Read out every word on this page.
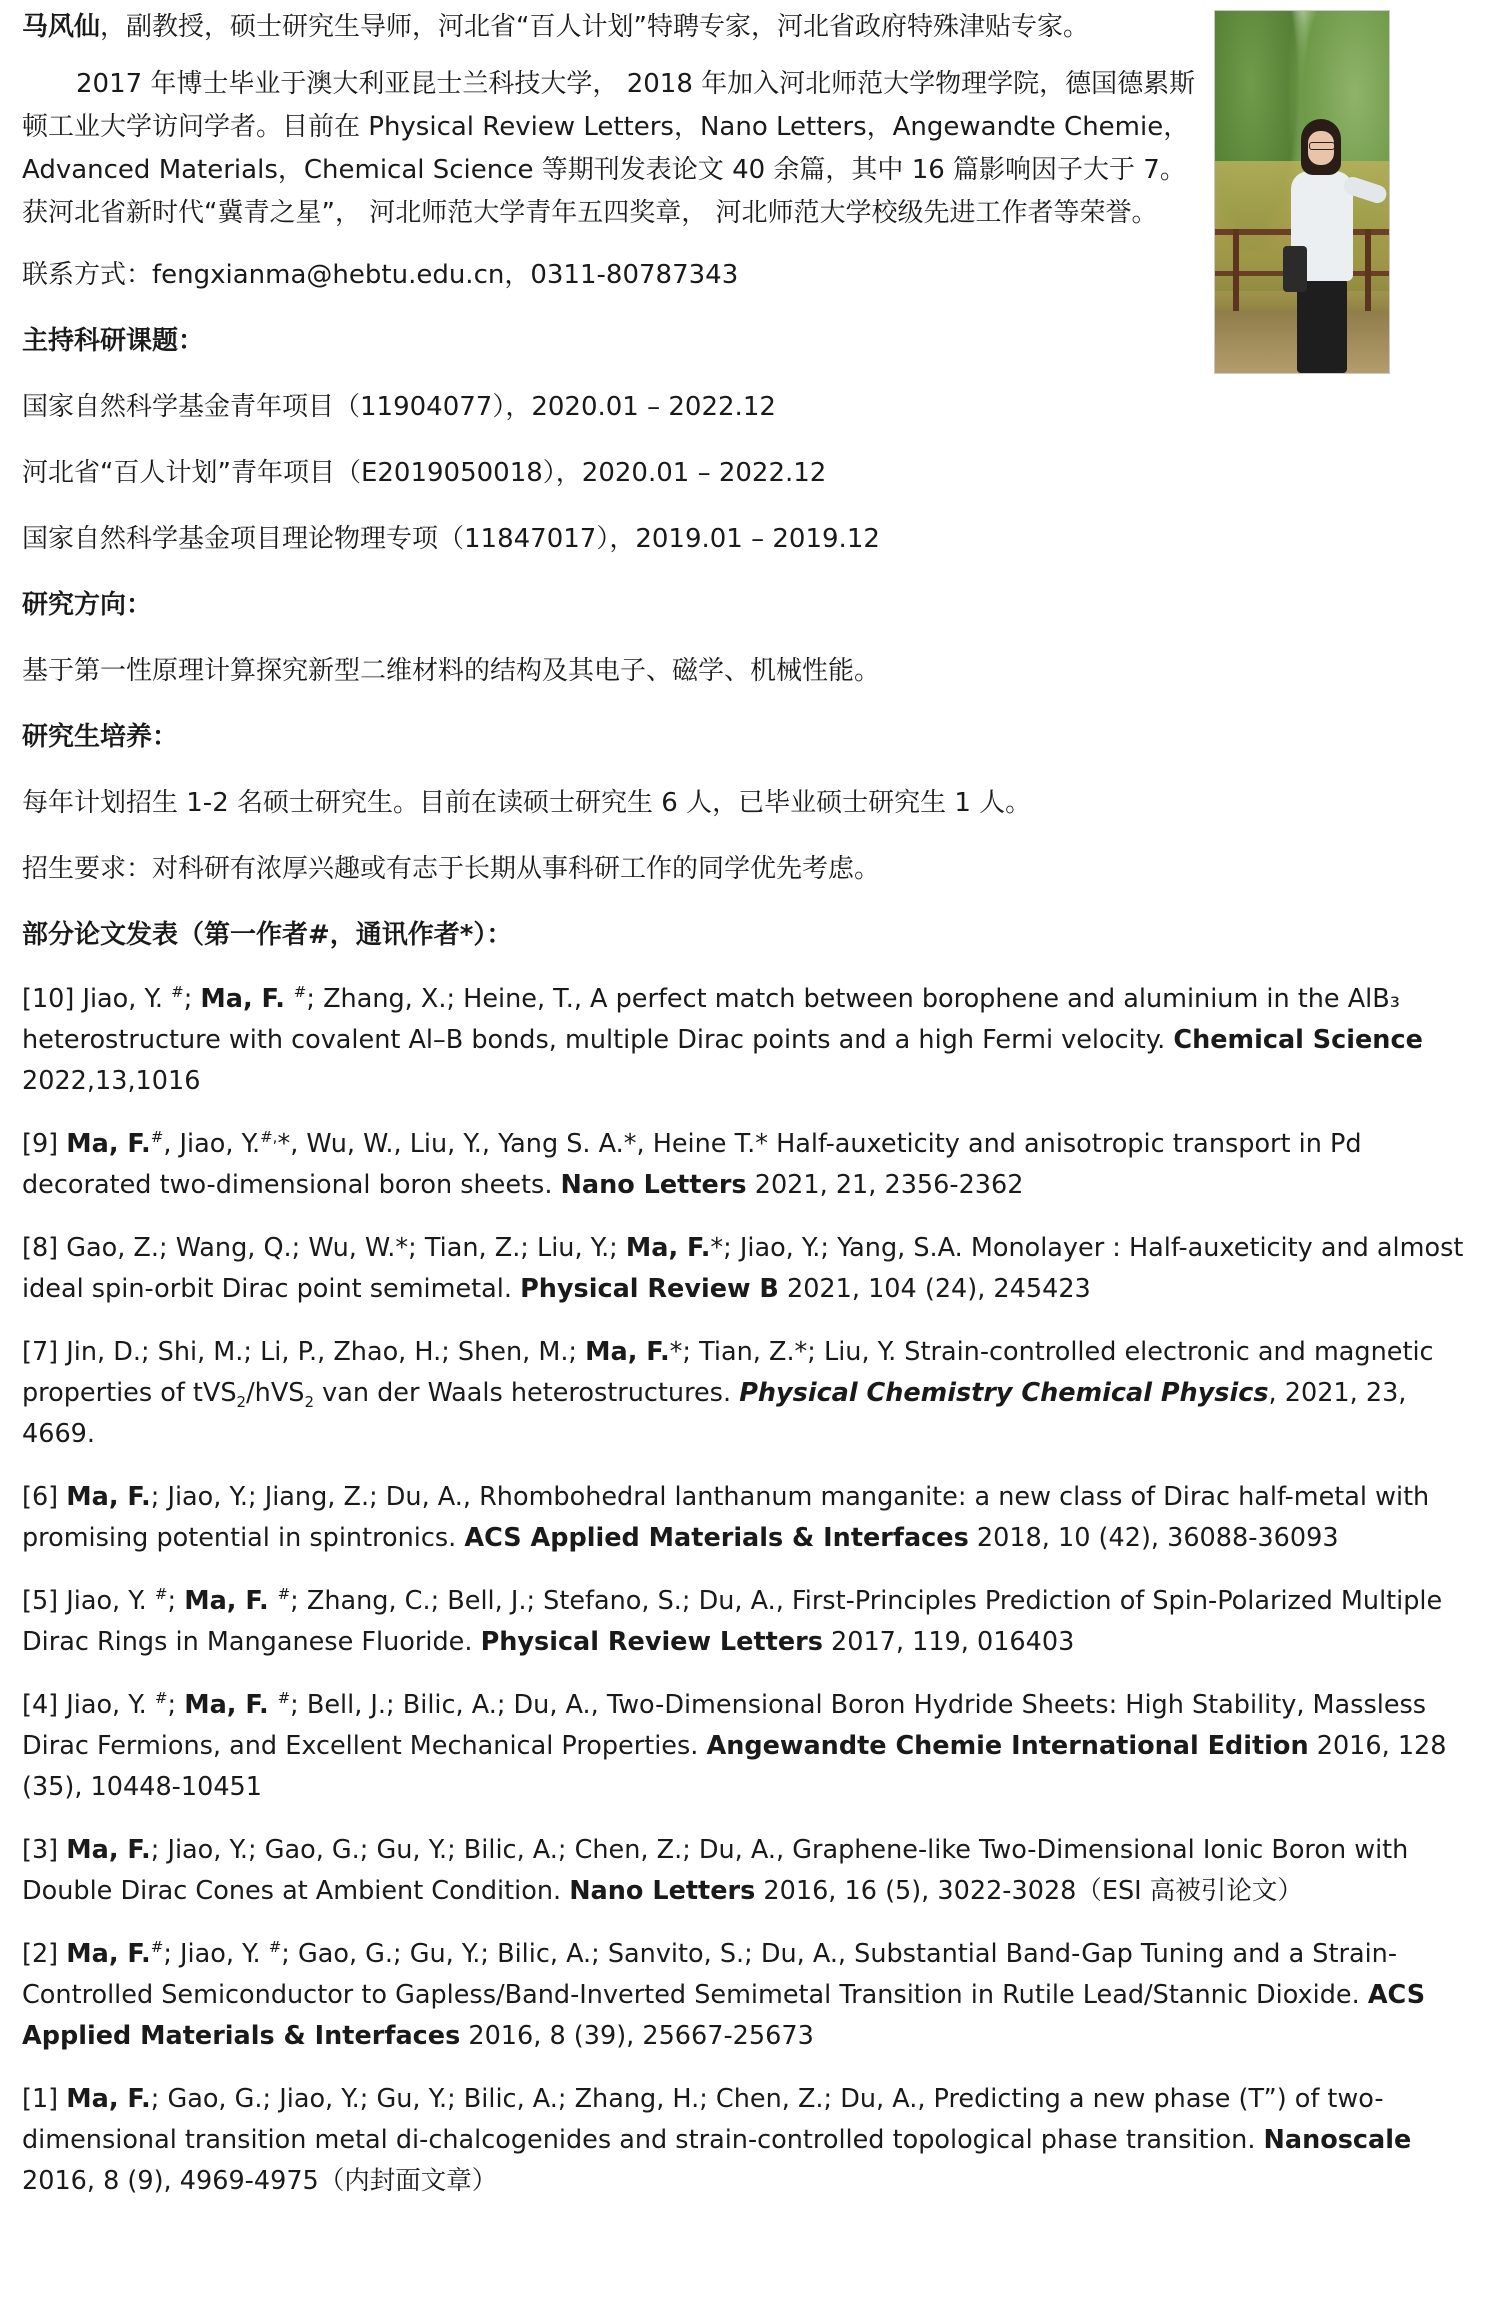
马风仙，副教授，硕士研究生导师，河北省“百人计划”特聘专家，河北省政府特殊津贴专家。

2017 年博士毕业于澳大利亚昆士兰科技大学， 2018 年加入河北师范大学物理学院，德国德累斯顿工业大学访问学者。目前在 Physical Review Letters，Nano Letters，Angewandte Chemie， Advanced Materials，Chemical Science 等期刊发表论文 40 余篇，其中 16 篇影响因子大于 7。获河北省新时代“冀青之星”， 河北师范大学青年五四奖章， 河北师范大学校级先进工作者等荣誉。

联系方式：fengxianma@hebtu.edu.cn，0311-80787343
主持科研课题：
国家自然科学基金青年项目（11904077），2020.01 – 2022.12
河北省“百人计划”青年项目（E2019050018），2020.01 – 2022.12
国家自然科学基金项目理论物理专项（11847017），2019.01 – 2019.12
研究方向：
基于第一性原理计算探究新型二维材料的结构及其电子、磁学、机械性能。
研究生培养：
每年计划招生 1-2 名硕士研究生。目前在读硕士研究生 6 人，已毕业硕士研究生 1 人。
招生要求：对科研有浓厚兴趣或有志于长期从事科研工作的同学优先考虑。
部分论文发表（第一作者#，通讯作者*）：
[10] Jiao, Y. #; Ma, F. #; Zhang, X.; Heine, T., A perfect match between borophene and aluminium in the AlB₃ heterostructure with covalent Al–B bonds, multiple Dirac points and a high Fermi velocity. Chemical Science 2022,13,1016
[9] Ma, F.#, Jiao, Y.#,*, Wu, W., Liu, Y., Yang S. A.*, Heine T.* Half-auxeticity and anisotropic transport in Pd decorated two-dimensional boron sheets. Nano Letters 2021, 21, 2356-2362
[8] Gao, Z.; Wang, Q.; Wu, W.*; Tian, Z.; Liu, Y.; Ma, F.*; Jiao, Y.; Yang, S.A. Monolayer : Half-auxeticity and almost ideal spin-orbit Dirac point semimetal. Physical Review B 2021, 104 (24), 245423
[7] Jin, D.; Shi, M.; Li, P., Zhao, H.; Shen, M.; Ma, F.*; Tian, Z.*; Liu, Y. Strain-controlled electronic and magnetic properties of tVS$_2$/hVS$_2$ van der Waals heterostructures. Physical Chemistry Chemical Physics, 2021, 23, 4669.
[6] Ma, F.; Jiao, Y.; Jiang, Z.; Du, A., Rhombohedral lanthanum manganite: a new class of Dirac half-metal with promising potential in spintronics. ACS Applied Materials & Interfaces 2018, 10 (42), 36088-36093
[5] Jiao, Y. #; Ma, F. #; Zhang, C.; Bell, J.; Stefano, S.; Du, A., First-Principles Prediction of Spin-Polarized Multiple Dirac Rings in Manganese Fluoride. Physical Review Letters 2017, 119, 016403
[4] Jiao, Y. #; Ma, F. #; Bell, J.; Bilic, A.; Du, A., Two-Dimensional Boron Hydride Sheets: High Stability, Massless Dirac Fermions, and Excellent Mechanical Properties. Angewandte Chemie International Edition 2016, 128 (35), 10448-10451
[3] Ma, F.; Jiao, Y.; Gao, G.; Gu, Y.; Bilic, A.; Chen, Z.; Du, A., Graphene-like Two-Dimensional Ionic Boron with Double Dirac Cones at Ambient Condition. Nano Letters 2016, 16 (5), 3022-3028（ESI 高被引论文）
[2] Ma, F.#; Jiao, Y. #; Gao, G.; Gu, Y.; Bilic, A.; Sanvito, S.; Du, A., Substantial Band-Gap Tuning and a Strain-Controlled Semiconductor to Gapless/Band-Inverted Semimetal Transition in Rutile Lead/Stannic Dioxide. ACS Applied Materials & Interfaces 2016, 8 (39), 25667-25673
[1] Ma, F.; Gao, G.; Jiao, Y.; Gu, Y.; Bilic, A.; Zhang, H.; Chen, Z.; Du, A., Predicting a new phase (T”) of two-dimensional transition metal di-chalcogenides and strain-controlled topological phase transition. Nanoscale 2016, 8 (9), 4969-4975（内封面文章）
